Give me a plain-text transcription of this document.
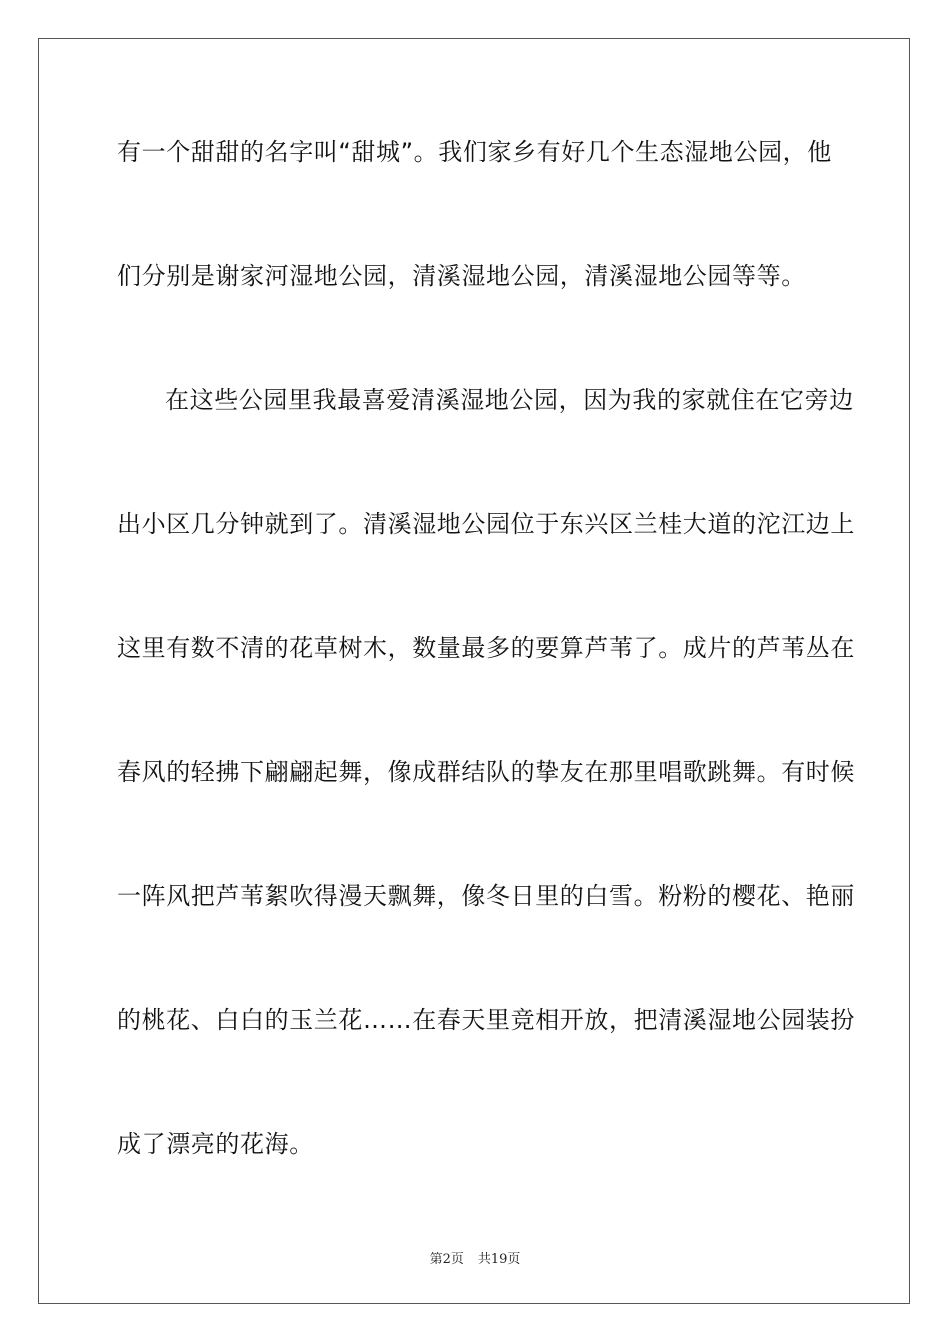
有一个甜甜的名字叫“甜城”。我们家乡有好几个生态湿地公园，他
们分别是谢家河湿地公园，清溪湿地公园，清溪湿地公园等等。
在这些公园里我最喜爱清溪湿地公园，因为我的家就住在它旁边
出小区几分钟就到了。清溪湿地公园位于东兴区兰桂大道的沱江边上
这里有数不清的花草树木，数量最多的要算芦苇了。成片的芦苇丛在
春风的轻拂下翩翩起舞，像成群结队的挚友在那里唱歌跳舞。有时候
一阵风把芦苇絮吹得漫天飘舞，像冬日里的白雪。粉粉的樱花、艳丽
的桃花、白白的玉兰花……在春天里竞相开放，把清溪湿地公园装扮
成了漂亮的花海。
第2页 共19页
